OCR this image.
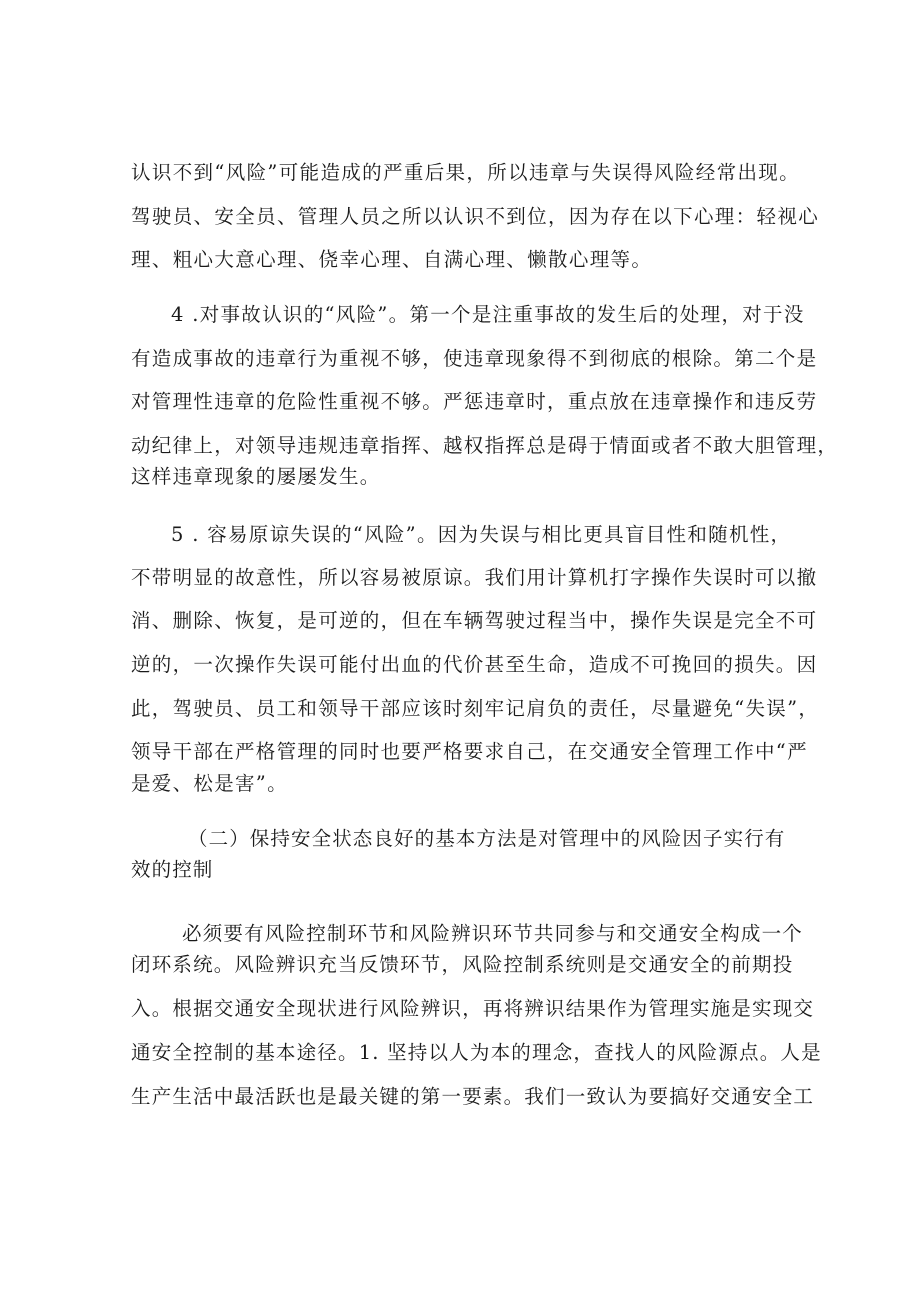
认识不到“风险”可能造成的严重后果，所以违章与失误得风险经常出现。
驾驶员、安全员、管理人员之所以认识不到位，因为存在以下心理：轻视心
理、粗心大意心理、侥幸心理、自满心理、懒散心理等。
4 .对事故认识的“风险”。第一个是注重事故的发生后的处理，对于没
有造成事故的违章行为重视不够，使违章现象得不到彻底的根除。第二个是
对管理性违章的危险性重视不够。严惩违章时，重点放在违章操作和违反劳
动纪律上，对领导违规违章指挥、越权指挥总是碍于情面或者不敢大胆管理，
这样违章现象的屡屡发生。
5 . 容易原谅失误的“风险”。因为失误与相比更具盲目性和随机性，
不带明显的故意性，所以容易被原谅。我们用计算机打字操作失误时可以撤
消、删除、恢复，是可逆的，但在车辆驾驶过程当中，操作失误是完全不可
逆的，一次操作失误可能付出血的代价甚至生命，造成不可挽回的损失。因
此，驾驶员、员工和领导干部应该时刻牢记肩负的责任，尽量避免“失误”，
领导干部在严格管理的同时也要严格要求自己，在交通安全管理工作中“严
是爱、松是害”。
（二）保持安全状态良好的基本方法是对管理中的风险因子实行有
效的控制
必须要有风险控制环节和风险辨识环节共同参与和交通安全构成一个
闭环系统。风险辨识充当反馈环节，风险控制系统则是交通安全的前期投
入。根据交通安全现状进行风险辨识，再将辨识结果作为管理实施是实现交
通安全控制的基本途径。1. 坚持以人为本的理念，查找人的风险源点。人是
生产生活中最活跃也是最关键的第一要素。我们一致认为要搞好交通安全工
